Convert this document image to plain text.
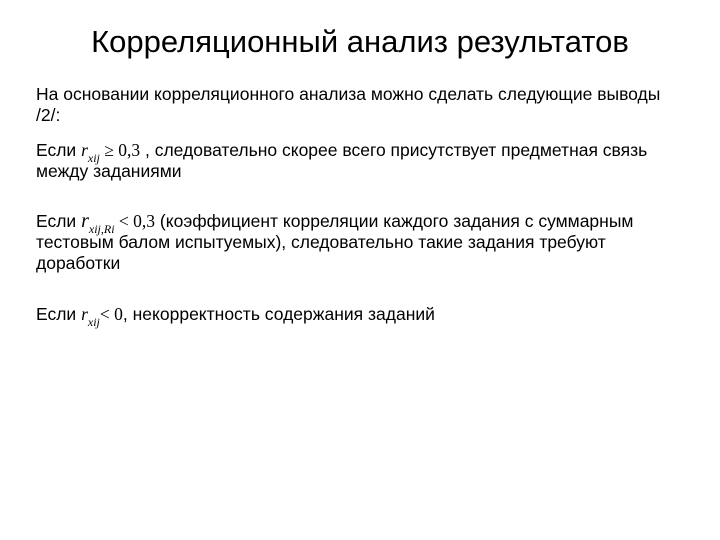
Корреляционный анализ результатов
На основании корреляционного анализа можно сделать следующие выводы /2/:
Если $r_{xij} \ge 0,3$ , следовательно скорее всего присутствует предметная связь между заданиями
Если $r_{xij,Ri} < 0,3$ (коэффициент корреляции каждого задания с суммарным тестовым балом испытуемых), следовательно такие задания требуют доработки
Если $r_{xij}< 0$, некорректность содержания заданий
